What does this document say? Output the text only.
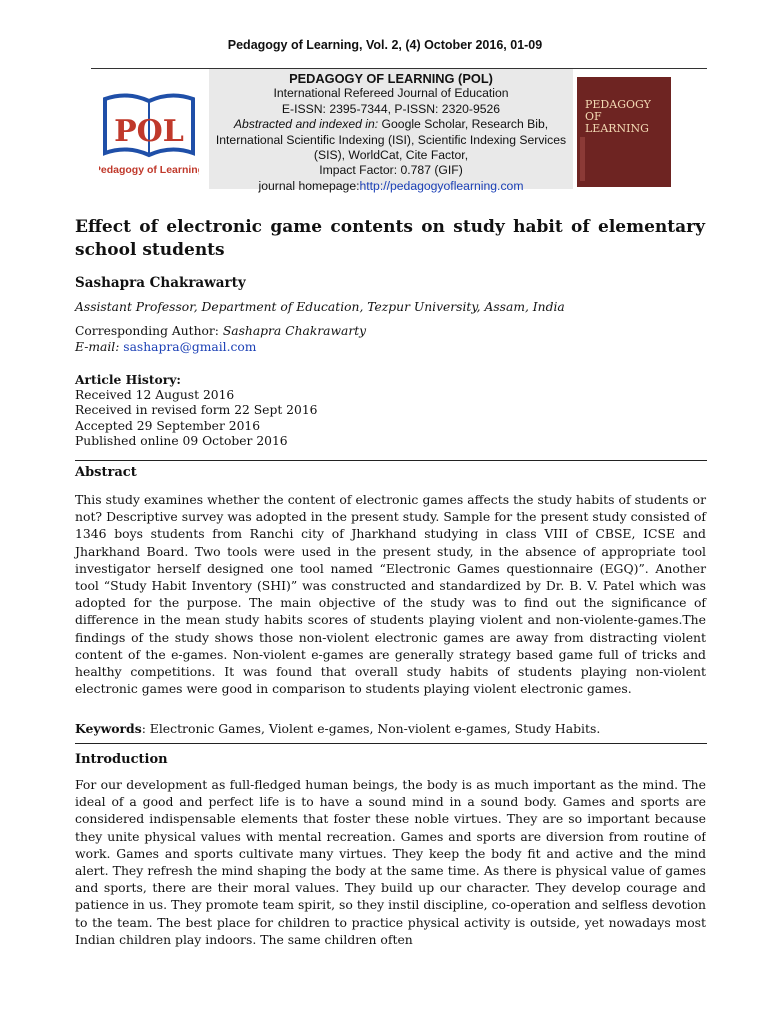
Pedagogy of Learning, Vol. 2, (4) October 2016, 01-09
POL
Pedagogy of Learning
PEDAGOGY OF LEARNING (POL)
International Refereed Journal of Education
E-ISSN: 2395-7344, P-ISSN: 2320-9526
Abstracted and indexed in: Google Scholar, Research Bib, International Scientific Indexing (ISI), Scientific Indexing Services (SIS), WorldCat, Cite Factor,
Impact Factor: 0.787 (GIF)
journal homepage:http://pedagogyoflearning.com
PEDAGOGY
OF LEARNING
Effect of electronic game contents on study habit of elementary school students
Sashapra Chakrawarty
Assistant Professor, Department of Education, Tezpur University, Assam, India
Corresponding Author: Sashapra Chakrawarty
E-mail: sashapra@gmail.com
Article History:
Received 12 August 2016
Received in revised form 22 Sept 2016
Accepted 29 September 2016
Published online 09 October 2016
Abstract
This study examines whether the content of electronic games affects the study habits of students or not? Descriptive survey was adopted in the present study. Sample for the present study consisted of 1346 boys students from Ranchi city of Jharkhand studying in class VIII of CBSE, ICSE and Jharkhand Board. Two tools were used in the present study, in the absence of appropriate tool investigator herself designed one tool named “Electronic Games questionnaire (EGQ)”. Another tool “Study Habit Inventory (SHI)” was constructed and standardized by Dr. B. V. Patel which was adopted for the purpose. The main objective of the study was to find out the significance of difference in the mean study habits scores of students playing violent and non-violente-games.The findings of the study shows those non-violent electronic games are away from distracting violent content of the e-games. Non-violent e-games are generally strategy based game full of tricks and healthy competitions. It was found that overall study habits of students playing non-violent electronic games were good in comparison to students playing violent electronic games.
Keywords: Electronic Games, Violent e-games, Non-violent e-games, Study Habits.
Introduction
For our development as full-fledged human beings, the body is as much important as the mind. The ideal of a good and perfect life is to have a sound mind in a sound body. Games and sports are considered indispensable elements that foster these noble virtues. They are so important because they unite physical values with mental recreation. Games and sports are diversion from routine of work. Games and sports cultivate many virtues. They keep the body fit and active and the mind alert. They refresh the mind shaping the body at the same time. As there is physical value of games and sports, there are their moral values. They build up our character. They develop courage and patience in us. They promote team spirit, so they instil discipline, co-operation and selfless devotion to the team. The best place for children to practice physical activity is outside, yet nowadays most Indian children play indoors. The same children often
